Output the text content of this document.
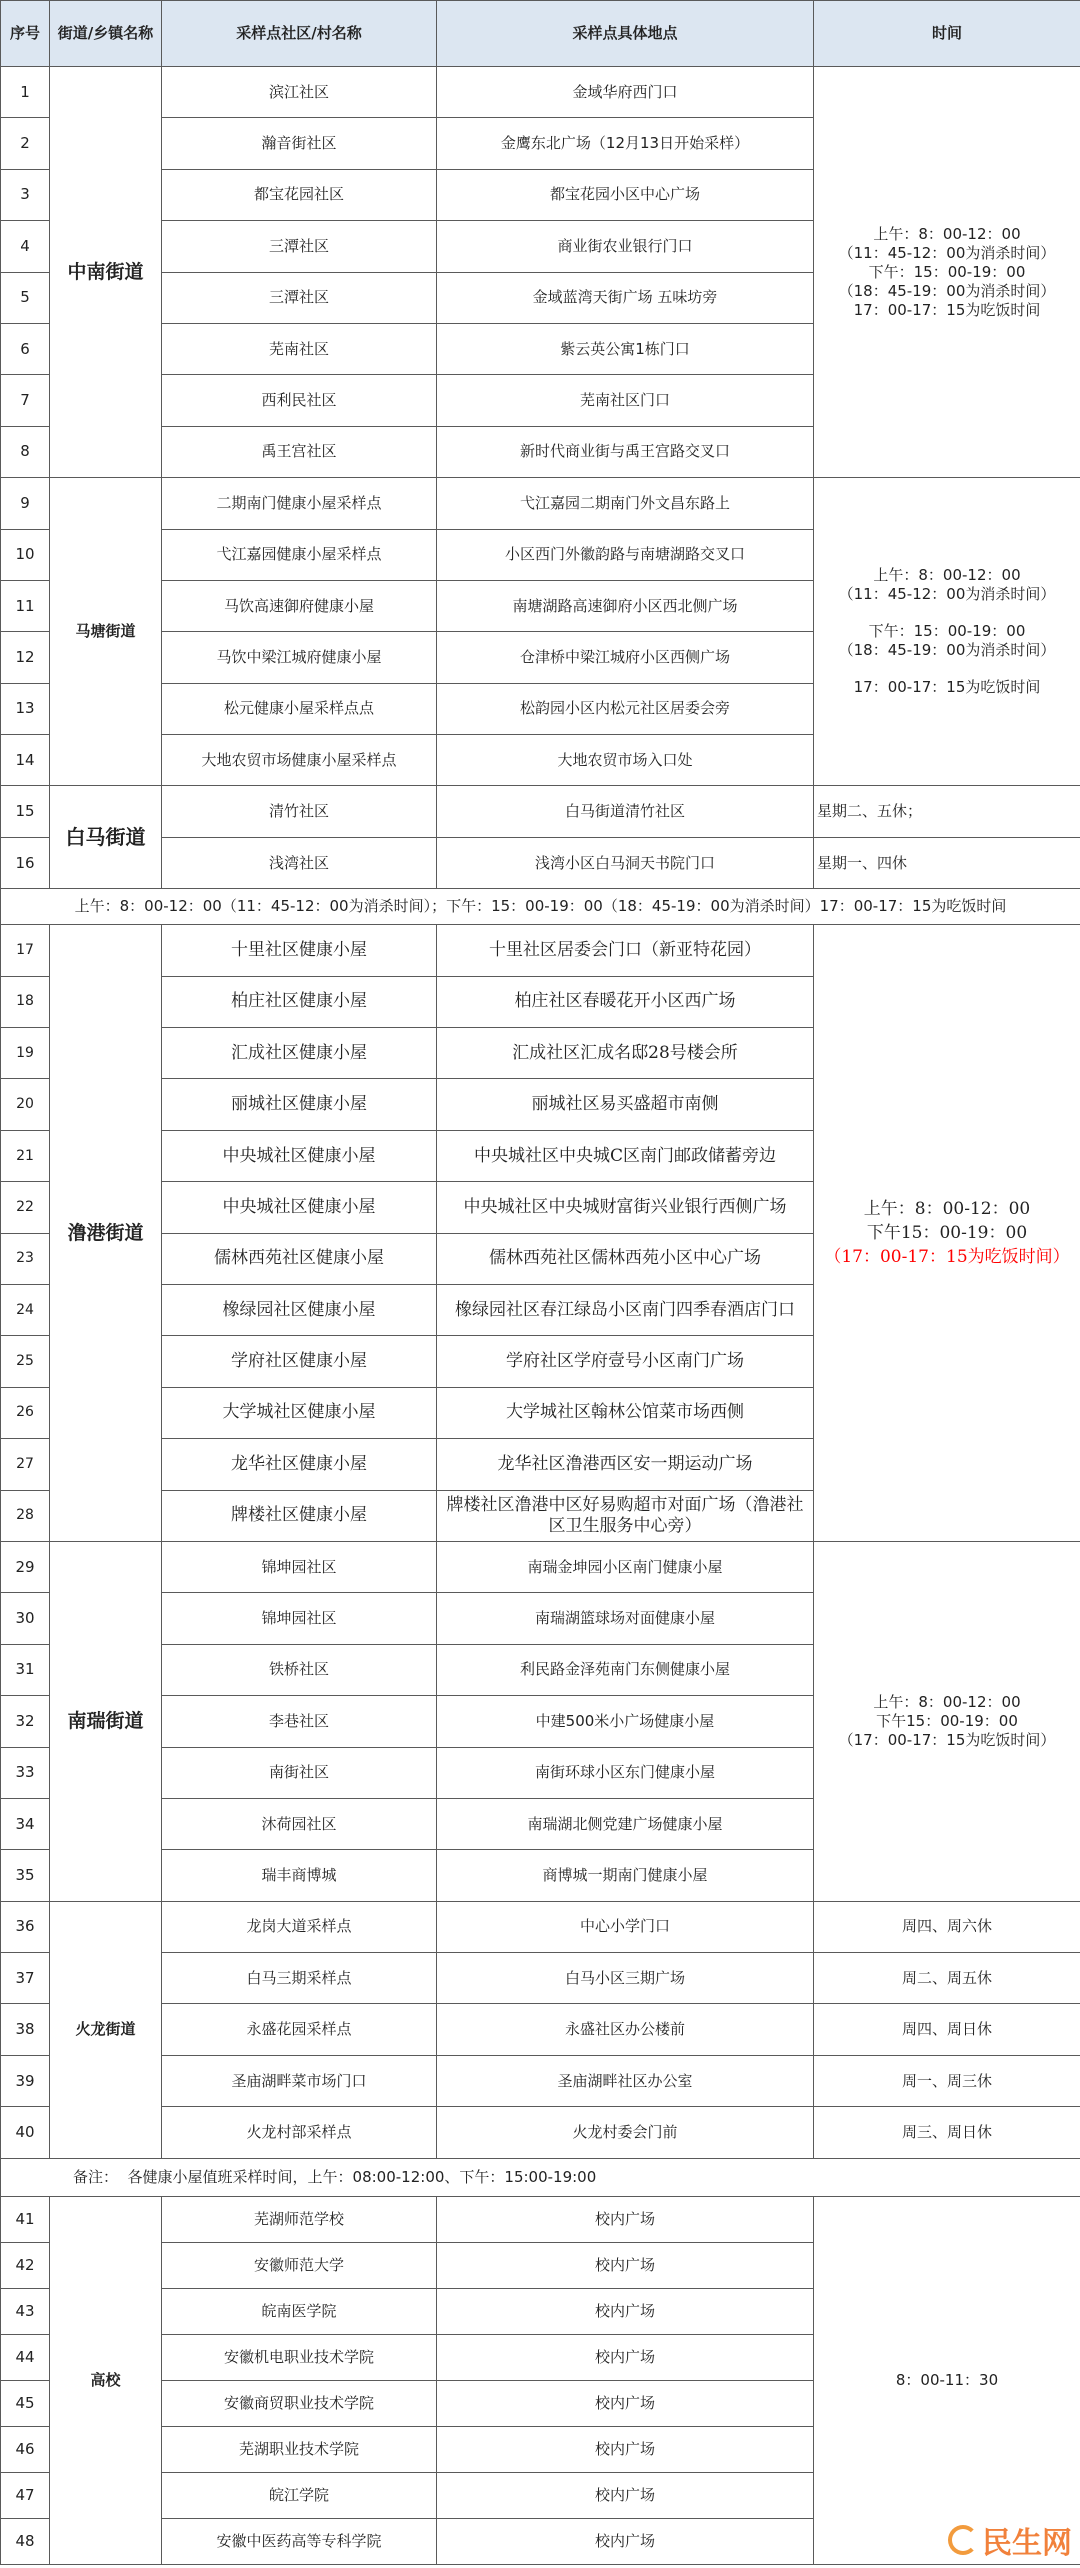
序号	街道/乡镇名称	采样点社区/村名称	采样点具体地点	时间
1	中南街道	滨江社区	金域华府西门口	上午：8：00-12：00
（11：45-12：00为消杀时间）
下午：15：00-19：00
（18：45-19：00为消杀时间）
17：00-17：15为吃饭时间

2		瀚音街社区	金鹰东北广场（12月13日开始采样）	
3		都宝花园社区	都宝花园小区中心广场	
4		三潭社区	商业街农业银行门口	
5		三潭社区	金域蓝湾天街广场 五味坊旁	
6		芜南社区	紫云英公寓1栋门口	
7		西利民社区	芜南社区门口	
8		禹王宫社区	新时代商业街与禹王宫路交叉口	
9	马塘街道	二期南门健康小屋采样点	弋江嘉园二期南门外文昌东路上	上午：8：00-12：00
（11：45-12：00为消杀时间）
下午：15：00-19：00
（18：45-19：00为消杀时间）
17：00-17：15为吃饭时间

10		弋江嘉园健康小屋采样点	小区西门外徽韵路与南塘湖路交叉口	
11		马饮高速御府健康小屋	南塘湖路高速御府小区西北侧广场	
12		马饮中梁江城府健康小屋	仓津桥中梁江城府小区西侧广场	
13		松元健康小屋采样点点	松韵园小区内松元社区居委会旁	
14		大地农贸市场健康小屋采样点	大地农贸市场入口处	
15	白马街道	清竹社区	白马街道清竹社区	星期二、五休；

16		浅湾社区	浅湾小区白马洞天书院门口	星期一、四休

上午：8：00-12：00（11：45-12：00为消杀时间）；下午：15：00-19：00（18：45-19：00为消杀时间）17：00-17：15为吃饭时间				
17	澛港街道	十里社区健康小屋	十里社区居委会门口（新亚特花园）	上午：8：00-12：00
下午15：00-19：00
（17：00-17：15为吃饭时间）

18		柏庄社区健康小屋	柏庄社区春暖花开小区西广场	
19		汇成社区健康小屋	汇成社区汇成名邸28号楼会所	
20		丽城社区健康小屋	丽城社区易买盛超市南侧	
21		中央城社区健康小屋	中央城社区中央城C区南门邮政储蓄旁边	
22		中央城社区健康小屋	中央城社区中央城财富街兴业银行西侧广场	
23		儒林西苑社区健康小屋	儒林西苑社区儒林西苑小区中心广场	
24		橡绿园社区健康小屋	橡绿园社区春江绿岛小区南门四季春酒店门口	
25		学府社区健康小屋	学府社区学府壹号小区南门广场	
26		大学城社区健康小屋	大学城社区翰林公馆菜市场西侧	
27		龙华社区健康小屋	龙华社区澛港西区安一期运动广场	
28		牌楼社区健康小屋	牌楼社区澛港中区好易购超市对面广场（澛港社区卫生服务中心旁）	
29	南瑞街道	锦坤园社区	南瑞金坤园小区南门健康小屋	上午：8：00-12：00
下午15：00-19：00
（17：00-17：15为吃饭时间）

30		锦坤园社区	南瑞湖篮球场对面健康小屋	
31		铁桥社区	利民路金泽苑南门东侧健康小屋	
32		李巷社区	中建500米小广场健康小屋	
33		南街社区	南街环球小区东门健康小屋	
34		沐荷园社区	南瑞湖北侧党建广场健康小屋	
35		瑞丰商博城	商博城一期南门健康小屋	
36	火龙街道	龙岗大道采样点	中心小学门口	周四、周六休

37		白马三期采样点	白马小区三期广场	周二、周五休

38		永盛花园采样点	永盛社区办公楼前	周四、周日休

39		圣庙湖畔菜市场门口	圣庙湖畔社区办公室	周一、周三休

40		火龙村部采样点	火龙村委会门前	周三、周日休

备注：  各健康小屋值班采样时间，上午：08:00-12:00、下午：15:00-19:00				
41	高校	芜湖师范学校	校内广场	8：00-11：30

42		安徽师范大学	校内广场	
43		皖南医学院	校内广场	
44		安徽机电职业技术学院	校内广场	
45		安徽商贸职业技术学院	校内广场	
46		芜湖职业技术学院	校内广场	
47		皖江学院	校内广场	
48		安徽中医药高等专科学院	校内广场		民生网
